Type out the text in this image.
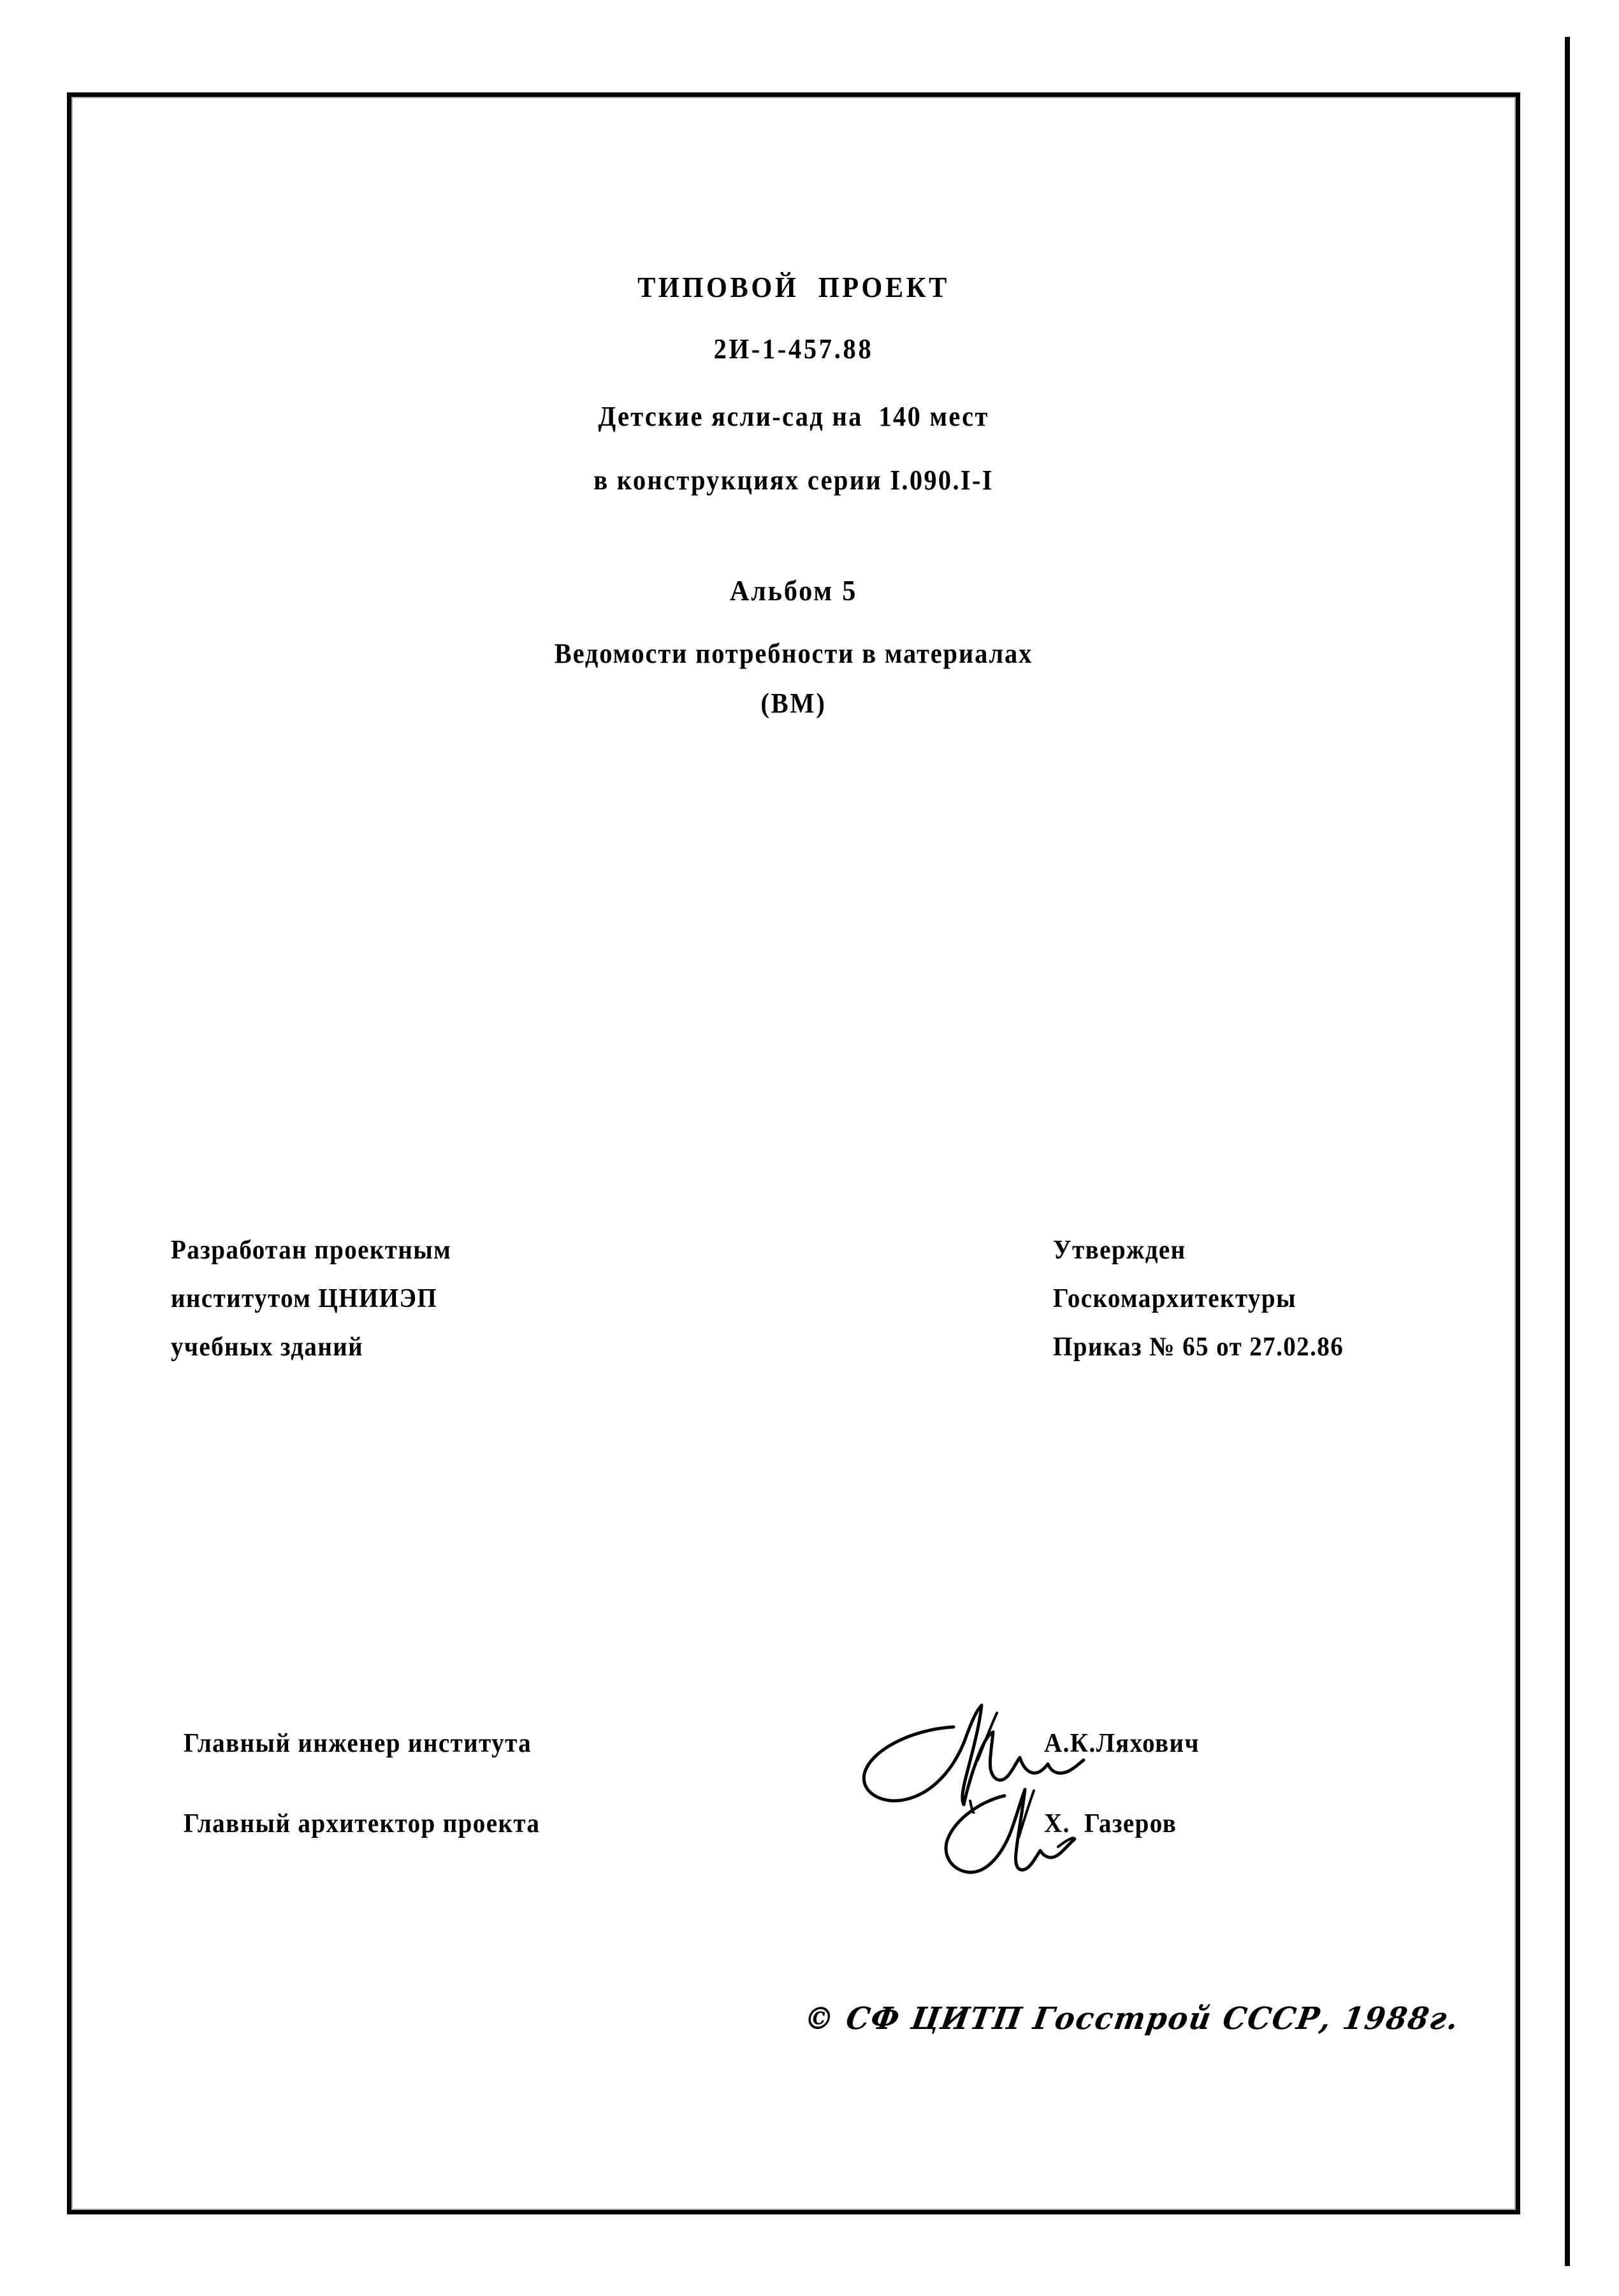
ТИПОВОЙ  ПРОЕКТ
2И-1-457.88
Детские ясли-сад на  140 мест
в конструкциях серии I.090.I-I
Альбом 5
Ведомости потребности в материалах
(ВМ)
Разработан проектным
институтом ЦНИИЭП
учебных зданий
Утвержден
Госкомархитектуры
Приказ № 65 от 27.02.86
Главный инженер института	А.К.Ляхович
Главный архитектор проекта	Х.  Газеров
© СФ ЦИТП Госстрой СССР, 1988г.
